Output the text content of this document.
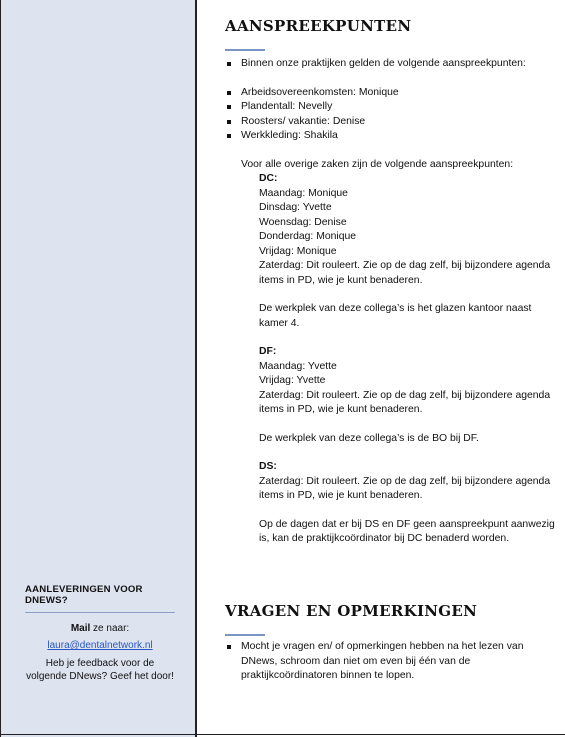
AANLEVERINGEN VOOR DNEWS?

Mail ze naar:
laura@dentalnetwork.nl
Heb je feedback voor de volgende DNews? Geef het door!
AANSPREEKPUNTEN
Binnen onze praktijken gelden de volgende aanspreekpunten:
Arbeidsovereenkomsten: Monique
Plandentall: Nevelly
Roosters/ vakantie: Denise
Werkkleding: Shakila
Voor alle overige zaken zijn de volgende aanspreekpunten:
DC:
Maandag: Monique
Dinsdag: Yvette
Woensdag: Denise
Donderdag: Monique
Vrijdag: Monique
Zaterdag: Dit rouleert. Zie op de dag zelf, bij bijzondere agenda items in PD, wie je kunt benaderen.
De werkplek van deze collega’s is het glazen kantoor naast kamer 4.
DF:
Maandag: Yvette
Vrijdag: Yvette
Zaterdag: Dit rouleert. Zie op de dag zelf, bij bijzondere agenda items in PD, wie je kunt benaderen.
De werkplek van deze collega’s is de BO bij DF.
DS:
Zaterdag: Dit rouleert. Zie op de dag zelf, bij bijzondere agenda items in PD, wie je kunt benaderen.
Op de dagen dat er bij DS en DF geen aanspreekpunt aanwezig is, kan de praktijkcoördinator bij DC benaderd worden.
VRAGEN EN OPMERKINGEN
Mocht je vragen en/ of opmerkingen hebben na het lezen van DNews, schroom dan niet om even bij één van de praktijkcoördinatoren binnen te lopen.
